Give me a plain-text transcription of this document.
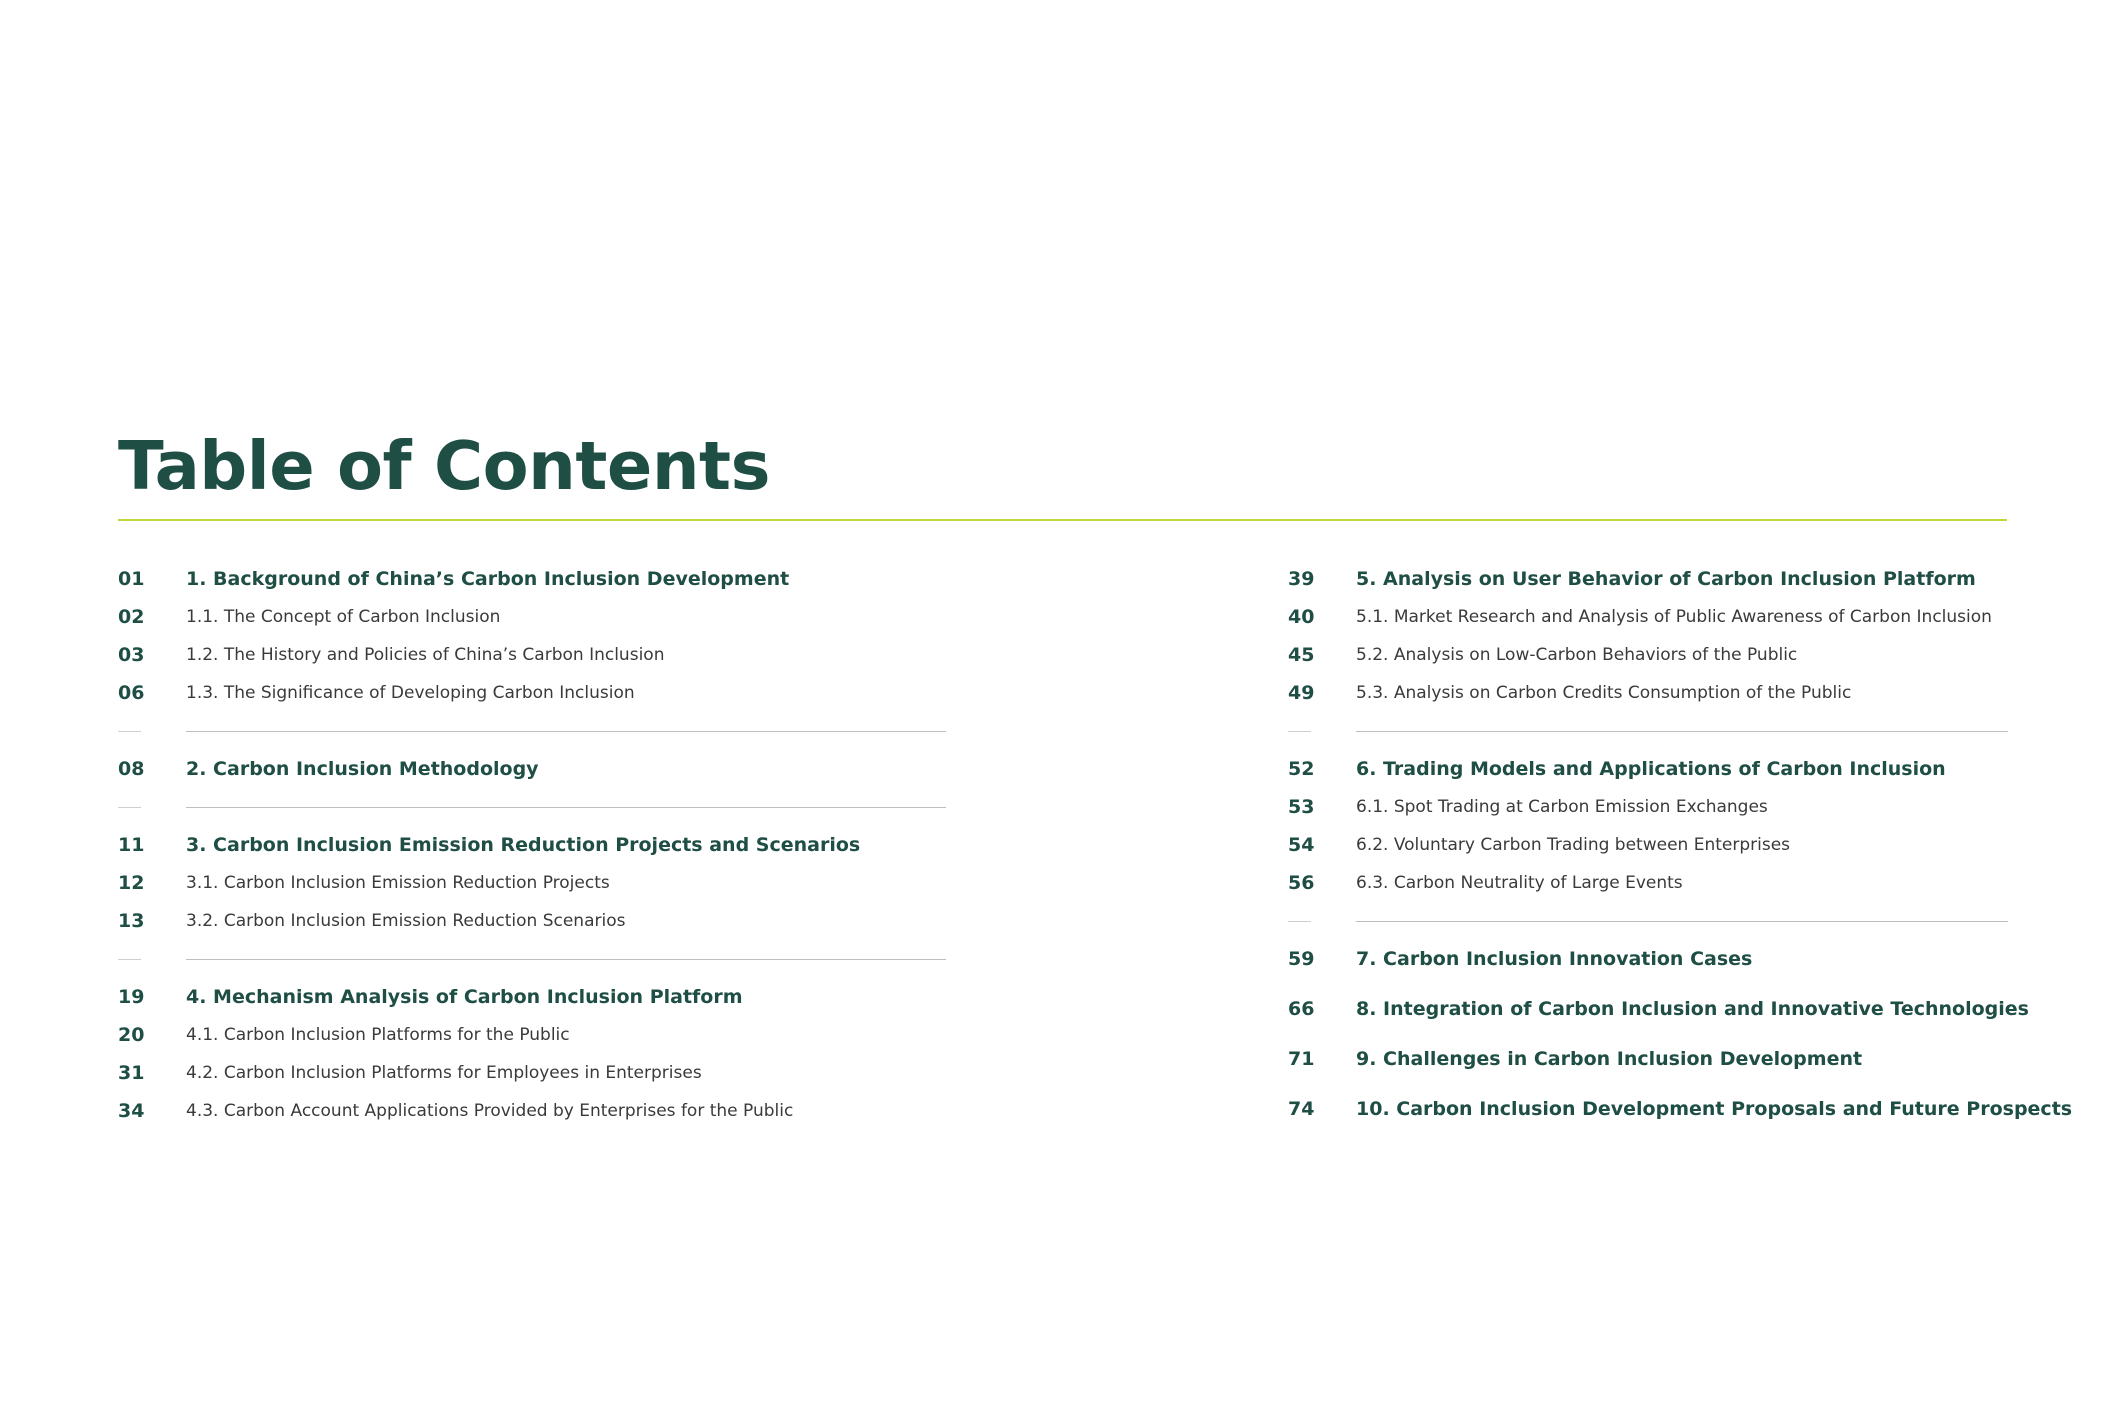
Table of Contents
01	1. Background of China’s Carbon Inclusion Development
02	1.1. The Concept of Carbon Inclusion
03	1.2. The History and Policies of China’s Carbon Inclusion
06	1.3. The Significance of Developing Carbon Inclusion
08	2. Carbon Inclusion Methodology
11	3. Carbon Inclusion Emission Reduction Projects and Scenarios
12	3.1. Carbon Inclusion Emission Reduction Projects
13	3.2. Carbon Inclusion Emission Reduction Scenarios
19	4. Mechanism Analysis of Carbon Inclusion Platform
20	4.1. Carbon Inclusion Platforms for the Public
31	4.2. Carbon Inclusion Platforms for Employees in Enterprises
34	4.3. Carbon Account Applications Provided by Enterprises for the Public
39	5. Analysis on User Behavior of Carbon Inclusion Platform
40	5.1. Market Research and Analysis of Public Awareness of Carbon Inclusion
45	5.2. Analysis on Low-Carbon Behaviors of the Public
49	5.3. Analysis on Carbon Credits Consumption of the Public
52	6. Trading Models and Applications of Carbon Inclusion
53	6.1. Spot Trading at Carbon Emission Exchanges
54	6.2. Voluntary Carbon Trading between Enterprises
56	6.3. Carbon Neutrality of Large Events
59	7. Carbon Inclusion Innovation Cases
66	8. Integration of Carbon Inclusion and Innovative Technologies
71	9. Challenges in Carbon Inclusion Development
74	10. Carbon Inclusion Development Proposals and Future Prospects
